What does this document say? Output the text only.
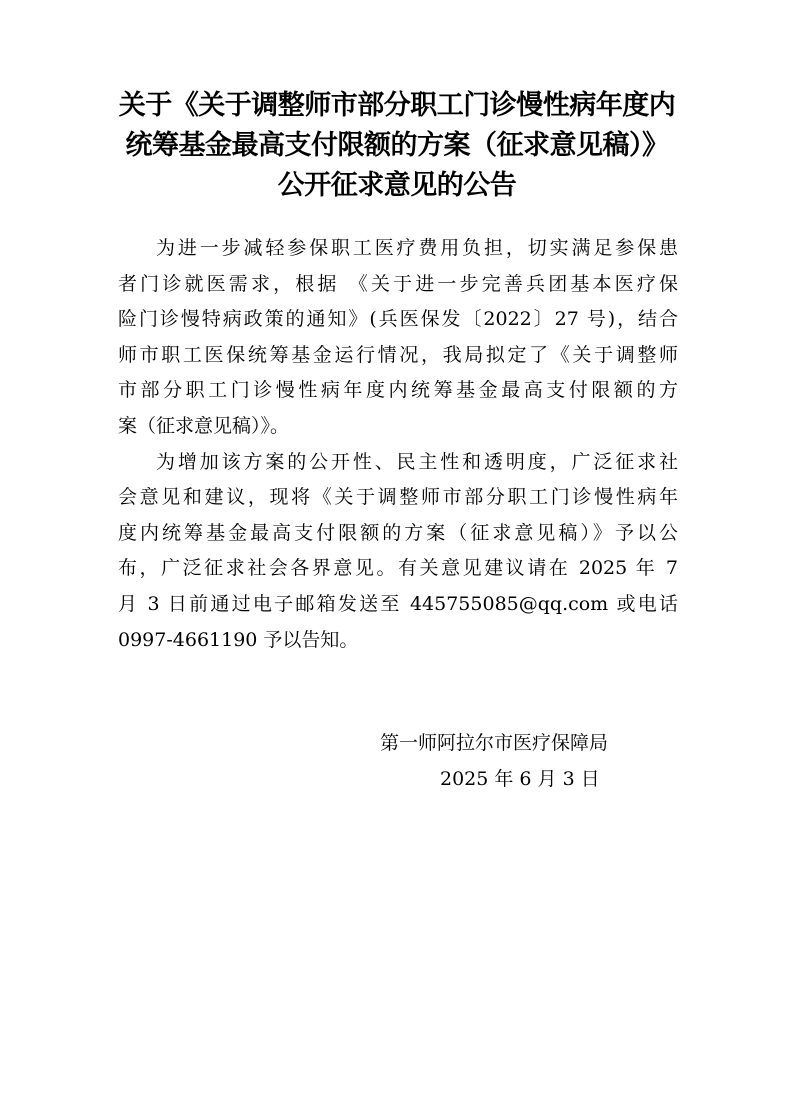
关于《关于调整师市部分职工门诊慢性病年度内
统筹基金最高支付限额的方案（征求意见稿）》
公开征求意见的公告
为进一步减轻参保职工医疗费用负担，切实满足参保患
者门诊就医需求，根据 《关于进一步完善兵团基本医疗保
险门诊慢特病政策的通知》(兵医保发〔2022〕27 号)，结合
师市职工医保统筹基金运行情况，我局拟定了《关于调整师
市部分职工门诊慢性病年度内统筹基金最高支付限额的方
案（征求意见稿）》。
为增加该方案的公开性、民主性和透明度，广泛征求社
会意见和建议，现将《关于调整师市部分职工门诊慢性病年
度内统筹基金最高支付限额的方案（征求意见稿）》予以公
布，广泛征求社会各界意见。有关意见建议请在 2025 年 7
月 3 日前通过电子邮箱发送至 445755085@qq.com 或电话
0997-4661190 予以告知。
第一师阿拉尔市医疗保障局
2025 年 6 月 3 日
